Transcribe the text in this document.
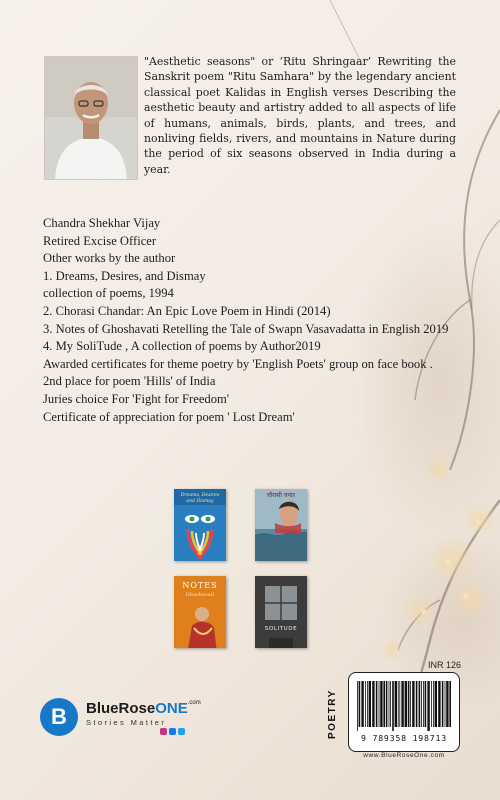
"Aesthetic seasons" or ‘Ritu Shringaar’ Rewriting the Sanskrit poem "Ritu Samhara" by the legendary ancient classical poet Kalidas in English verses Describing the aesthetic beauty and artistry added to all aspects of life of humans, animals, birds, plants, and trees, and nonliving fields, rivers, and mountains in Nature during the period of six seasons observed in India during a year.
Chandra Shekhar Vijay
Retired Excise Officer
Other works by the author
1. Dreams, Desires, and Dismay
collection of poems, 1994
2. Chorasi Chandar: An Epic Love Poem in Hindi (2014)
3. Notes of Ghoshavati Retelling the Tale of Swapn Vasavadatta in English 2019
4. My SoliTude , A collection of poems by Author2019
Awarded certificates for theme poetry by 'English Poets' group on face book .
2nd place for poem 'Hills' of India
Juries choice For 'Fight for Freedom'
Certificate of appreciation for poem ' Lost Dream'
Dreams, Desires
and Dismay
चौरासी चन्दर
NOTES
Ghoshavati
SOLITUDE
B	BlueRoseONE$^{.com}$
Stories Matter
INR 126
POETRY	9 789358 198713
www.BlueRoseOne.com
